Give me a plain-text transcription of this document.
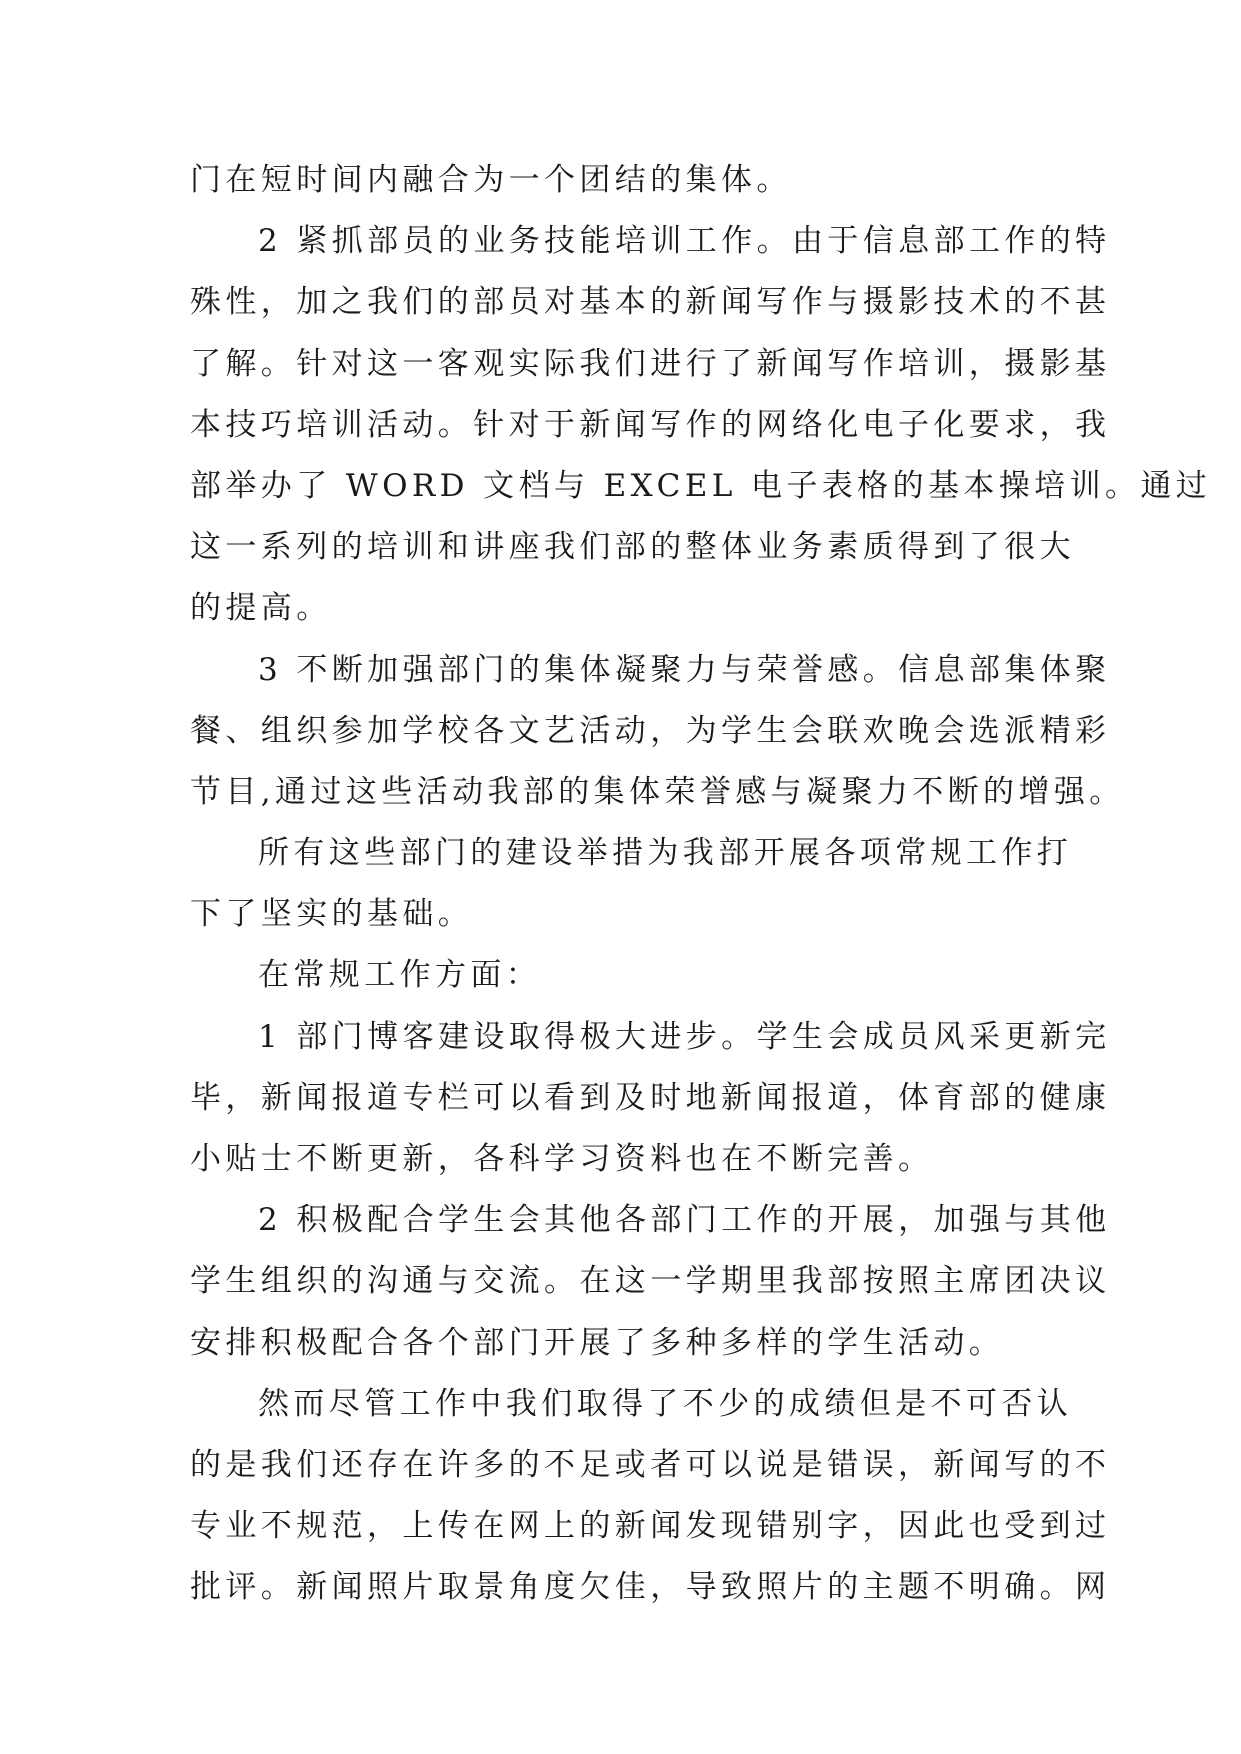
门在短时间内融合为一个团结的集体。
2 紧抓部员的业务技能培训工作。由于信息部工作的特
殊性，加之我们的部员对基本的新闻写作与摄影技术的不甚
了解。针对这一客观实际我们进行了新闻写作培训，摄影基
本技巧培训活动。针对于新闻写作的网络化电子化要求，我
部举办了 WORD 文档与 EXCEL 电子表格的基本操培训。通过
这一系列的培训和讲座我们部的整体业务素质得到了很大
的提高。
3 不断加强部门的集体凝聚力与荣誉感。信息部集体聚
餐、组织参加学校各文艺活动，为学生会联欢晚会选派精彩
节目,通过这些活动我部的集体荣誉感与凝聚力不断的增强。
所有这些部门的建设举措为我部开展各项常规工作打
下了坚实的基础。
在常规工作方面：
1 部门博客建设取得极大进步。学生会成员风采更新完
毕，新闻报道专栏可以看到及时地新闻报道，体育部的健康
小贴士不断更新，各科学习资料也在不断完善。
2 积极配合学生会其他各部门工作的开展，加强与其他
学生组织的沟通与交流。在这一学期里我部按照主席团决议
安排积极配合各个部门开展了多种多样的学生活动。
然而尽管工作中我们取得了不少的成绩但是不可否认
的是我们还存在许多的不足或者可以说是错误，新闻写的不
专业不规范，上传在网上的新闻发现错别字，因此也受到过
批评。新闻照片取景角度欠佳，导致照片的主题不明确。网
